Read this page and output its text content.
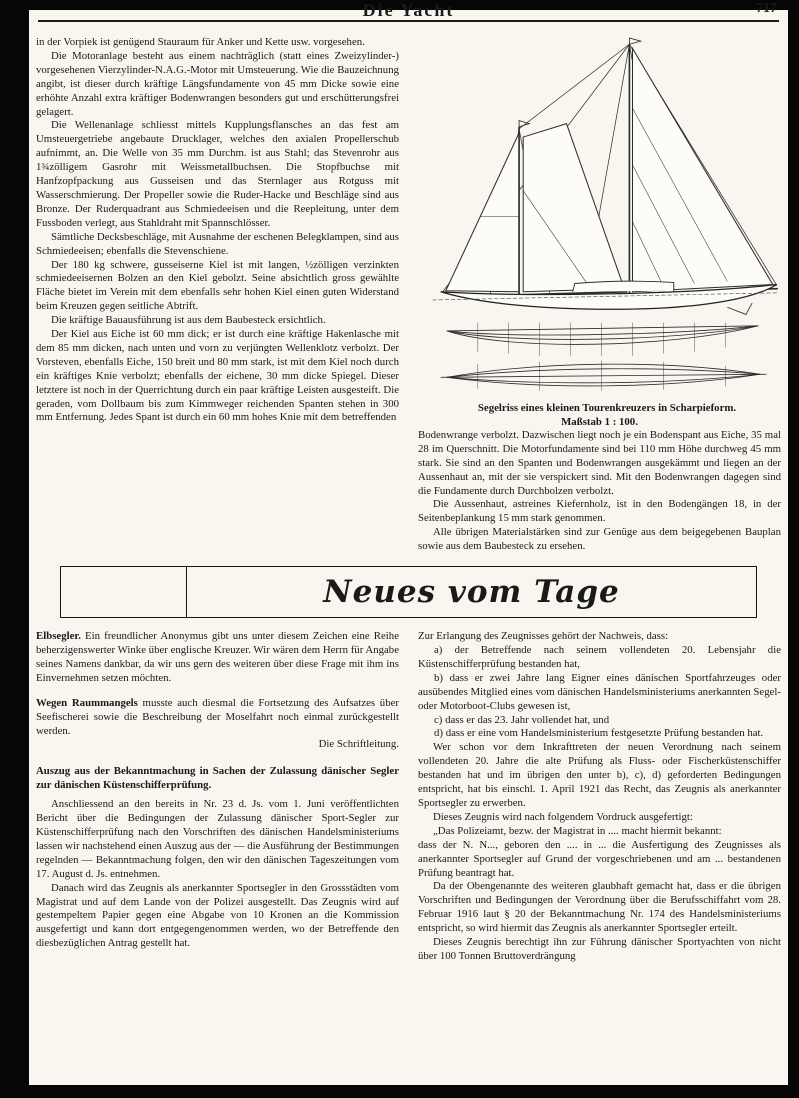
Die Yacht	717

in der Vorpiek ist genügend Stauraum für Anker und Kette usw. vorgesehen.

Die Motoranlage besteht aus einem nachträglich (statt eines Zweizylinder-) vorgesehenen Vierzylinder-N.A.G.-Motor mit Umsteuerung. Wie die Bauzeichnung angibt, ist dieser durch kräftige Längsfundamente von 45 mm Dicke sowie eine erhöhte Anzahl extra kräftiger Bodenwrangen besonders gut und erschütterungsfrei gelagert.

Die Wellenanlage schliesst mittels Kupplungsflansches an das fest am Umsteuergetriebe angebaute Drucklager, welches den axialen Propellerschub aufnimmt, an. Die Welle von 35 mm Durchm. ist aus Stahl; das Stevenrohr aus 1¾zölligem Gasrohr mit Weissmetallbuchsen. Die Stopfbuchse mit Hanfzopfpackung aus Gusseisen und das Sternlager aus Rotguss mit Wasserschmierung. Der Propeller sowie die Ruder-Hacke und Beschläge sind aus Bronze. Der Ruderquadrant aus Schmiedeeisen und die Reepleitung, unter dem Fussboden verlegt, aus Stahldraht mit Spannschlösser.

Sämtliche Decksbeschläge, mit Ausnahme der eschenen Belegklampen, sind aus Schmiedeeisen; ebenfalls die Stevenschiene.

Der 180 kg schwere, gusseiserne Kiel ist mit langen, ½zölligen verzinkten schmiedeeisernen Bolzen an den Kiel gebolzt. Seine absichtlich gross gewählte Fläche bietet im Verein mit dem ebenfalls sehr hohen Kiel einen guten Widerstand beim Kreuzen gegen seitliche Abtrift.

Die kräftige Bauausführung ist aus dem Baubesteck ersichtlich.

Der Kiel aus Eiche ist 60 mm dick; er ist durch eine kräftige Hakenlasche mit dem 85 mm dicken, nach unten und vorn zu verjüngten Wellenklotz verbolzt. Der Vorsteven, ebenfalls Eiche, 150 breit und 80 mm stark, ist mit dem Kiel noch durch ein kräftiges Knie verbolzt; ebenfalls der eichene, 30 mm dicke Spiegel. Dieser letztere ist noch in der Querrichtung durch ein paar kräftige Leisten ausgesteift. Die geraden, vom Dollbaum bis zum Kimmweger reichenden Spanten stehen in 300 mm Entfernung. Jedes Spant ist durch ein 60 mm hohes Knie mit dem betreffenden

Segelriss eines kleinen Tourenkreuzers in Scharpieform.
Maßstab 1 : 100.

Bodenwrange verbolzt. Dazwischen liegt noch je ein Bodenspant aus Eiche, 35 mal 28 im Querschnitt. Die Motorfundamente sind bei 110 mm Höhe durchweg 45 mm stark. Sie sind an den Spanten und Bodenwrangen ausgekämmt und liegen an der Aussenhaut an, mit der sie verspickert sind. Mit den Bodenwrangen dagegen sind die Fundamente durch Durchbolzen verbolzt.

Die Aussenhaut, astreines Kiefernholz, ist in den Bodengängen 18, in der Seitenbeplankung 15 mm stark genommen.

Alle übrigen Materialstärken sind zur Genüge aus dem beigegebenen Bauplan sowie aus dem Baubesteck zu ersehen.

Neues vom Tage

Elbsegler. Ein freundlicher Anonymus gibt uns unter diesem Zeichen eine Reihe beherzigenswerter Winke über englische Kreuzer. Wir wären dem Herrn für Angabe seines Namens dankbar, da wir uns gern des weiteren über diese Frage mit ihm ins Einvernehmen setzen möchten.

Wegen Raummangels musste auch diesmal die Fortsetzung des Aufsatzes über Seefischerei sowie die Beschreibung der Moselfahrt noch einmal zurückgestellt werden.

Die Schriftleitung.

Auszug aus der Bekanntmachung in Sachen der Zulassung dänischer Segler zur dänischen Küstenschifferprüfung.

Anschliessend an den bereits in Nr. 23 d. Js. vom 1. Juni veröffentlichten Bericht über die Bedingungen der Zulassung dänischer Sport-Segler zur Küstenschifferprüfung nach den Vorschriften des dänischen Handelsministeriums lassen wir nachstehend einen Auszug aus der — die Ausführung der Bestimmungen regelnden — Bekanntmachung folgen, den wir den dänischen Tageszeitungen vom 17. August d. Js. entnehmen.

Danach wird das Zeugnis als anerkannter Sportsegler in den Grossstädten vom Magistrat und auf dem Lande von der Polizei ausgestellt. Das Zeugnis wird auf gestempeltem Papier gegen eine Abgabe von 10 Kronen an die Kommission ausgefertigt und kann dort entgegengenommen werden, wo der Betreffende den diesbezüglichen Antrag gestellt hat.

Zur Erlangung des Zeugnisses gehört der Nachweis, dass:

a) der Betreffende nach seinem vollendeten 20. Lebensjahr die Küstenschifferprüfung bestanden hat,

b) dass er zwei Jahre lang Eigner eines dänischen Sportfahrzeuges oder ausübendes Mitglied eines vom dänischen Handelsministeriums anerkannten Segel- oder Motorboot-Clubs gewesen ist,

c) dass er das 23. Jahr vollendet hat, und

d) dass er eine vom Handelsministerium festgesetzte Prüfung bestanden hat.

Wer schon vor dem Inkrafttreten der neuen Verordnung nach seinem vollendeten 20. Jahre die alte Prüfung als Fluss- oder Fischerküstenschiffer bestanden hat und im übrigen den unter b), c), d) geforderten Bedingungen entspricht, hat bis einschl. 1. April 1921 das Recht, das Zeugnis als anerkannter Sportsegler zu erwerben.

Dieses Zeugnis wird nach folgendem Vordruck ausgefertigt:

„Das Polizeiamt, bezw. der Magistrat in .... macht hiermit bekannt:

dass der N. N..., geboren den .... in ... die Ausfertigung des Zeugnisses als anerkannter Sportsegler auf Grund der vorgeschriebenen und am ... bestandenen Prüfung beantragt hat.

Da der Obengenannte des weiteren glaubhaft gemacht hat, dass er die übrigen Vorschriften und Bedingungen der Verordnung über die Berufsschiffahrt vom 28. Februar 1916 laut § 20 der Bekanntmachung Nr. 174 des Handelsministeriums entspricht, so wird hiermit das Zeugnis als anerkannter Sportsegler erteilt.

Dieses Zeugnis berechtigt ihn zur Führung dänischer Sportyachten von nicht über 100 Tonnen Bruttoverdrängung
